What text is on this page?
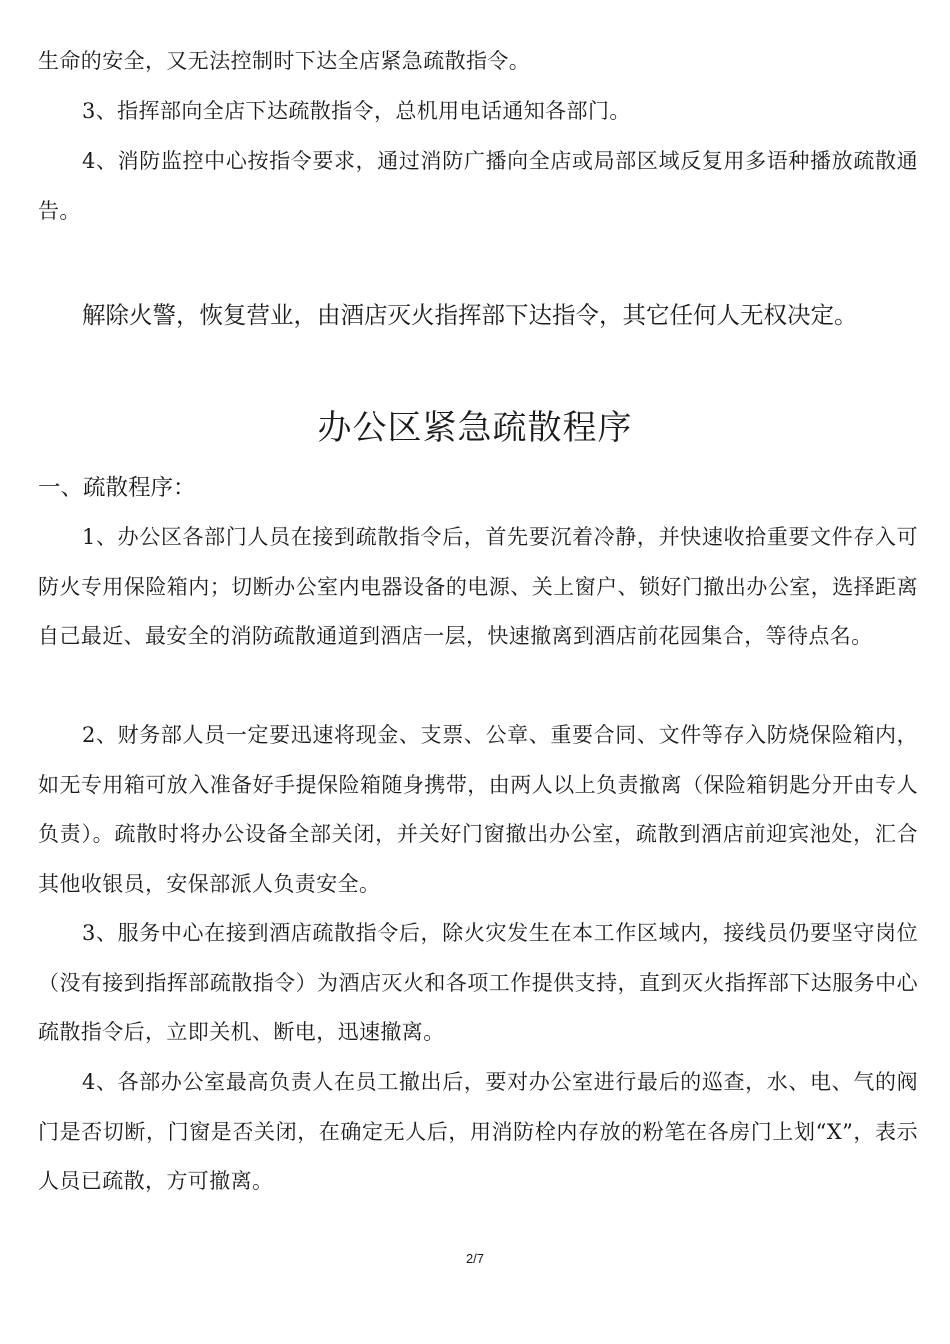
生命的安全，又无法控制时下达全店紧急疏散指令。

3、指挥部向全店下达疏散指令，总机用电话通知各部门。

4、消防监控中心按指令要求，通过消防广播向全店或局部区域反复用多语种播放疏散通告。

解除火警，恢复营业，由酒店灭火指挥部下达指令，其它任何人无权决定。

办公区紧急疏散程序

一、疏散程序：

1、办公区各部门人员在接到疏散指令后，首先要沉着冷静，并快速收拾重要文件存入可防火专用保险箱内；切断办公室内电器设备的电源、关上窗户、锁好门撤出办公室，选择距离自己最近、最安全的消防疏散通道到酒店一层，快速撤离到酒店前花园集合，等待点名。

2、财务部人员一定要迅速将现金、支票、公章、重要合同、文件等存入防烧保险箱内，如无专用箱可放入准备好手提保险箱随身携带，由两人以上负责撤离（保险箱钥匙分开由专人负责）。疏散时将办公设备全部关闭，并关好门窗撤出办公室，疏散到酒店前迎宾池处，汇合其他收银员，安保部派人负责安全。

3、服务中心在接到酒店疏散指令后，除火灾发生在本工作区域内，接线员仍要坚守岗位（没有接到指挥部疏散指令）为酒店灭火和各项工作提供支持，直到灭火指挥部下达服务中心疏散指令后，立即关机、断电，迅速撤离。

4、各部办公室最高负责人在员工撤出后，要对办公室进行最后的巡查，水、电、气的阀门是否切断，门窗是否关闭，在确定无人后，用消防栓内存放的粉笔在各房门上划“X”，表示人员已疏散，方可撤离。

2/7
